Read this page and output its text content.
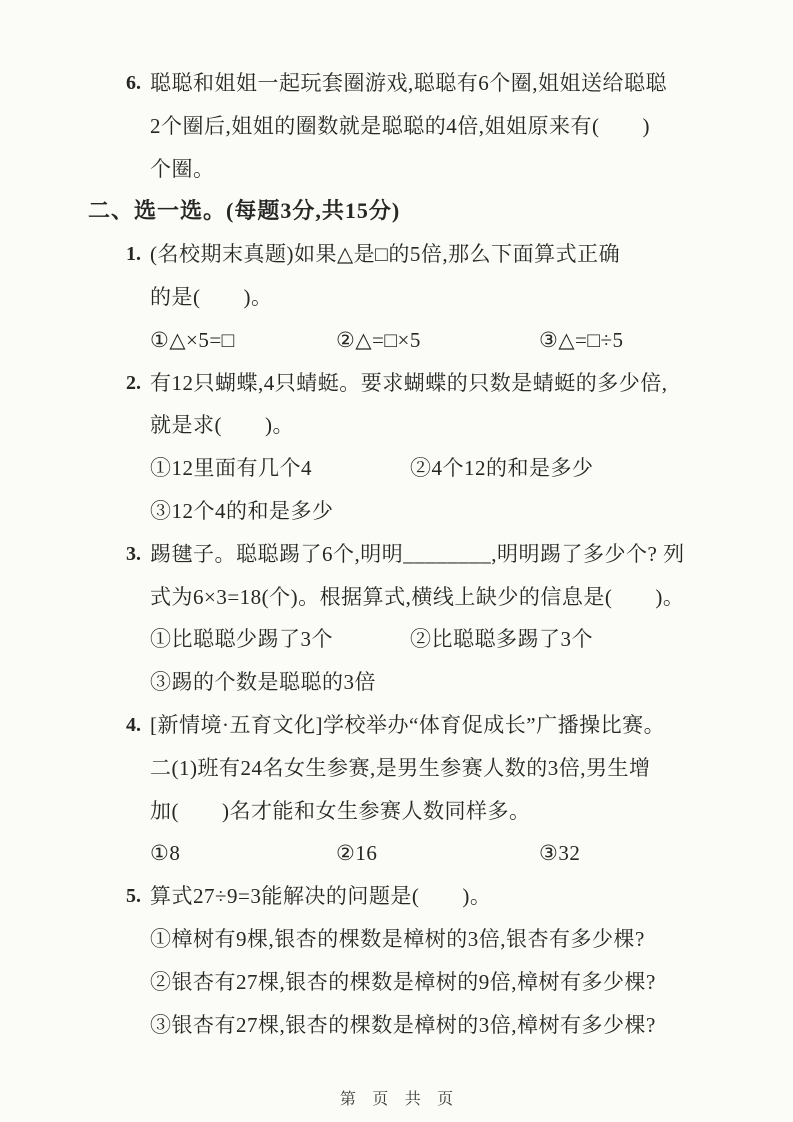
6. 聪聪和姐姐一起玩套圈游戏,聪聪有6个圈,姐姐送给聪聪
2个圈后,姐姐的圈数就是聪聪的4倍,姐姐原来有(　　)
个圈。
二、选一选。(每题3分,共15分)
1. (名校期末真题)如果△是□的5倍,那么下面算式正确
的是(　　)。
①△×5=□	②△=□×5	③△=□÷5
2. 有12只蝴蝶,4只蜻蜓。要求蝴蝶的只数是蜻蜓的多少倍,
就是求(　　)。
①12里面有几个4	②4个12的和是多少
③12个4的和是多少
3. 踢毽子。聪聪踢了6个,明明________,明明踢了多少个? 列
式为6×3=18(个)。根据算式,横线上缺少的信息是(　　)。
①比聪聪少踢了3个	②比聪聪多踢了3个
③踢的个数是聪聪的3倍
4. [新情境·五育文化]学校举办“体育促成长”广播操比赛。
二(1)班有24名女生参赛,是男生参赛人数的3倍,男生增
加(　　)名才能和女生参赛人数同样多。
①8	②16	③32
5. 算式27÷9=3能解决的问题是(　　)。
①樟树有9棵,银杏的棵数是樟树的3倍,银杏有多少棵?
②银杏有27棵,银杏的棵数是樟树的9倍,樟树有多少棵?
③银杏有27棵,银杏的棵数是樟树的3倍,樟树有多少棵?
第 页 共 页
